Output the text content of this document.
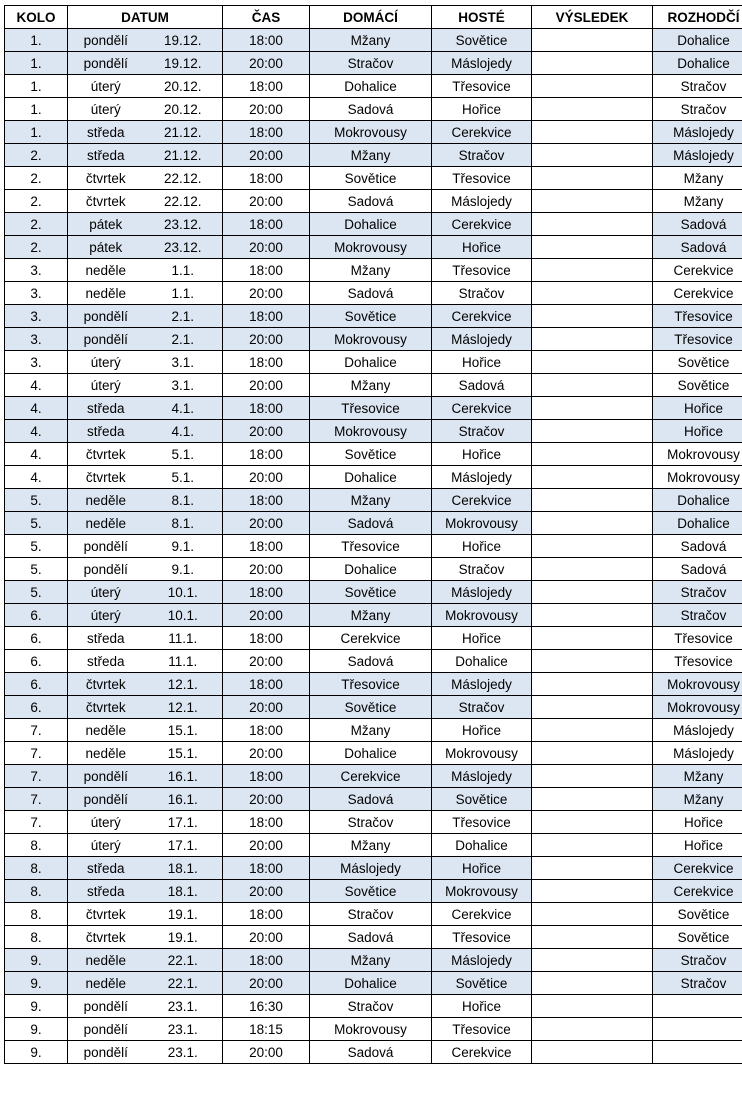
KOLO	DATUM		ČAS	DOMÁCÍ	HOSTÉ	VÝSLEDEK	ROZHODČÍ
1.	pondělí	19.12.	18:00	Mžany	Sovětice		Dohalice
1.	pondělí	19.12.	20:00	Stračov	Máslojedy		Dohalice
1.	úterý	20.12.	18:00	Dohalice	Třesovice		Stračov
1.	úterý	20.12.	20:00	Sadová	Hořice		Stračov
1.	středa	21.12.	18:00	Mokrovousy	Cerekvice		Máslojedy
2.	středa	21.12.	20:00	Mžany	Stračov		Máslojedy
2.	čtvrtek	22.12.	18:00	Sovětice	Třesovice		Mžany
2.	čtvrtek	22.12.	20:00	Sadová	Máslojedy		Mžany
2.	pátek	23.12.	18:00	Dohalice	Cerekvice		Sadová
2.	pátek	23.12.	20:00	Mokrovousy	Hořice		Sadová
3.	neděle	1.1.	18:00	Mžany	Třesovice		Cerekvice
3.	neděle	1.1.	20:00	Sadová	Stračov		Cerekvice
3.	pondělí	2.1.	18:00	Sovětice	Cerekvice		Třesovice
3.	pondělí	2.1.	20:00	Mokrovousy	Máslojedy		Třesovice
3.	úterý	3.1.	18:00	Dohalice	Hořice		Sovětice
4.	úterý	3.1.	20:00	Mžany	Sadová		Sovětice
4.	středa	4.1.	18:00	Třesovice	Cerekvice		Hořice
4.	středa	4.1.	20:00	Mokrovousy	Stračov		Hořice
4.	čtvrtek	5.1.	18:00	Sovětice	Hořice		Mokrovousy
4.	čtvrtek	5.1.	20:00	Dohalice	Máslojedy		Mokrovousy
5.	neděle	8.1.	18:00	Mžany	Cerekvice		Dohalice
5.	neděle	8.1.	20:00	Sadová	Mokrovousy		Dohalice
5.	pondělí	9.1.	18:00	Třesovice	Hořice		Sadová
5.	pondělí	9.1.	20:00	Dohalice	Stračov		Sadová
5.	úterý	10.1.	18:00	Sovětice	Máslojedy		Stračov
6.	úterý	10.1.	20:00	Mžany	Mokrovousy		Stračov
6.	středa	11.1.	18:00	Cerekvice	Hořice		Třesovice
6.	středa	11.1.	20:00	Sadová	Dohalice		Třesovice
6.	čtvrtek	12.1.	18:00	Třesovice	Máslojedy		Mokrovousy
6.	čtvrtek	12.1.	20:00	Sovětice	Stračov		Mokrovousy
7.	neděle	15.1.	18:00	Mžany	Hořice		Máslojedy
7.	neděle	15.1.	20:00	Dohalice	Mokrovousy		Máslojedy
7.	pondělí	16.1.	18:00	Cerekvice	Máslojedy		Mžany
7.	pondělí	16.1.	20:00	Sadová	Sovětice		Mžany
7.	úterý	17.1.	18:00	Stračov	Třesovice		Hořice
8.	úterý	17.1.	20:00	Mžany	Dohalice		Hořice
8.	středa	18.1.	18:00	Máslojedy	Hořice		Cerekvice
8.	středa	18.1.	20:00	Sovětice	Mokrovousy		Cerekvice
8.	čtvrtek	19.1.	18:00	Stračov	Cerekvice		Sovětice
8.	čtvrtek	19.1.	20:00	Sadová	Třesovice		Sovětice
9.	neděle	22.1.	18:00	Mžany	Máslojedy		Stračov
9.	neděle	22.1.	20:00	Dohalice	Sovětice		Stračov
9.	pondělí	23.1.	16:30	Stračov	Hořice		
9.	pondělí	23.1.	18:15	Mokrovousy	Třesovice		
9.	pondělí	23.1.	20:00	Sadová	Cerekvice		
